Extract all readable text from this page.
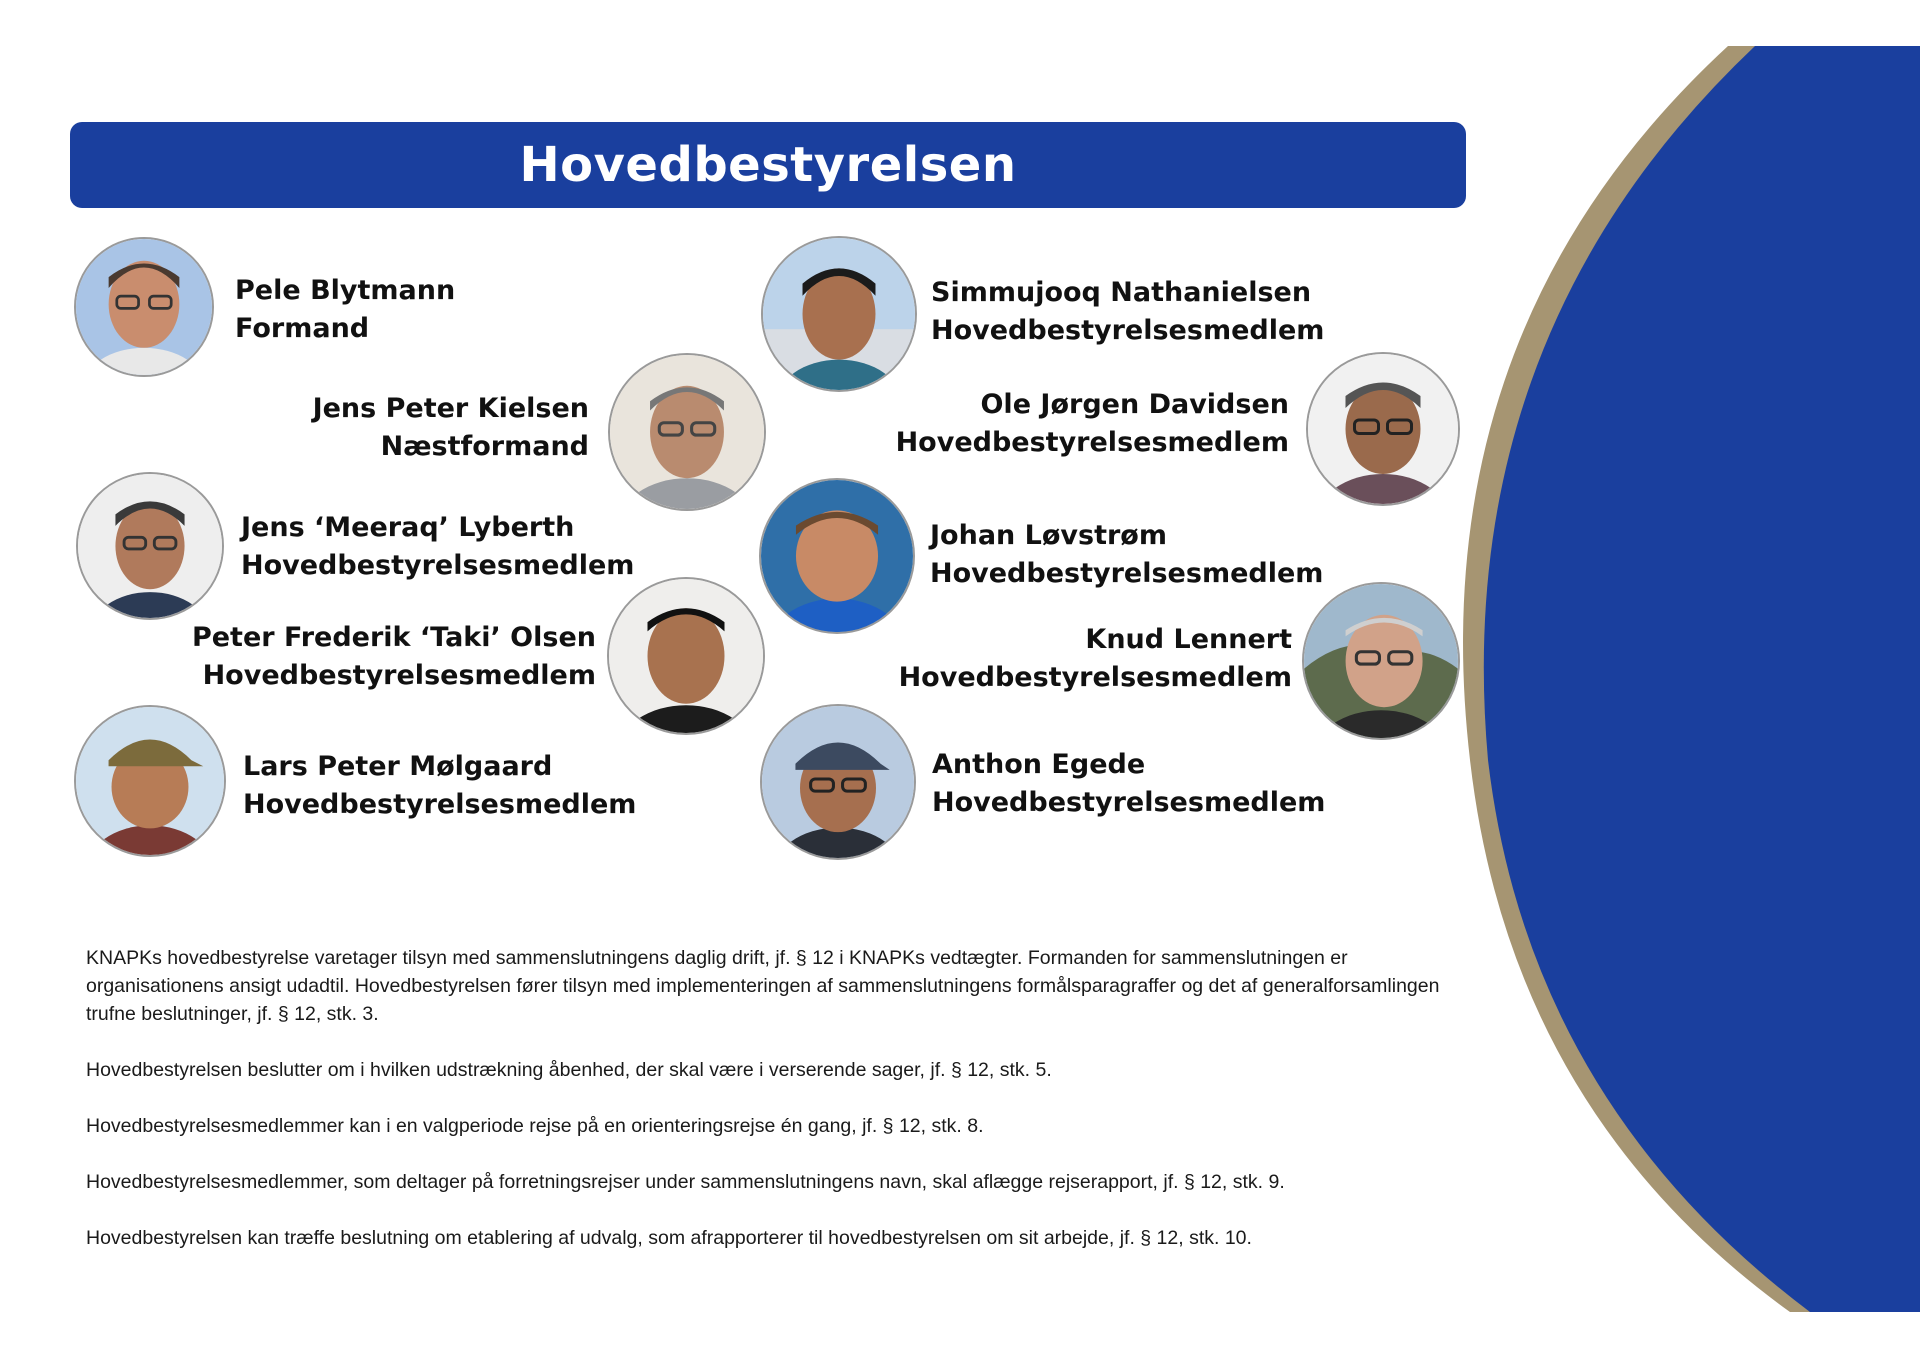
Hovedbestyrelsen
Pele Blytmann
Formand
Simmujooq Nathanielsen
Hovedbestyrelsesmedlem
Jens Peter Kielsen
Næstformand
Ole Jørgen Davidsen
Hovedbestyrelsesmedlem
Jens ‘Meeraq’ Lyberth
Hovedbestyrelsesmedlem
Johan Løvstrøm
Hovedbestyrelsesmedlem
Peter Frederik ‘Taki’ Olsen
Hovedbestyrelsesmedlem
Knud Lennert
Hovedbestyrelsesmedlem
Lars Peter Mølgaard
Hovedbestyrelsesmedlem
Anthon Egede
Hovedbestyrelsesmedlem

KNAPKs hovedbestyrelse varetager tilsyn med sammenslutningens daglig drift, jf. § 12 i KNAPKs vedtægter. Formanden for sammenslutningen er organisationens ansigt udadtil. Hovedbestyrelsen fører tilsyn med implementeringen af sammenslutningens formålsparagraffer og det af generalforsamlingen trufne beslutninger, jf. § 12, stk. 3.

Hovedbestyrelsen beslutter om i hvilken udstrækning åbenhed, der skal være i verserende sager, jf. § 12, stk. 5.

Hovedbestyrelsesmedlemmer kan i en valgperiode rejse på en orienteringsrejse én gang, jf. § 12, stk. 8.

Hovedbestyrelsesmedlemmer, som deltager på forretningsrejser under sammenslutningens navn, skal aflægge rejserapport, jf. § 12, stk. 9.

Hovedbestyrelsen kan træffe beslutning om etablering af udvalg, som afrapporterer til hovedbestyrelsen om sit arbejde, jf. § 12, stk. 10.
